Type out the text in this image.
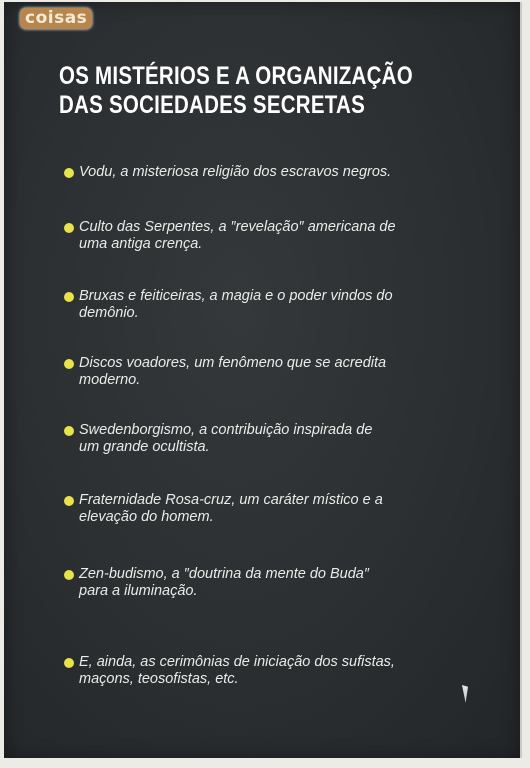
coisas
OS MISTÉRIOS E A ORGANIZAÇÃO
DAS SOCIEDADES SECRETAS
Vodu, a misteriosa religião dos escravos negros.
Culto das Serpentes, a ″revelação″ americana de
uma antiga crença.
Bruxas e feiticeiras, a magia e o poder vindos do
demônio.
Discos voadores, um fenômeno que se acredita
moderno.
Swedenborgismo, a contribuição inspirada de
um grande ocultista.
Fraternidade Rosa-cruz, um caráter místico e a
elevação do homem.
Zen-budismo, a ″doutrina da mente do Buda″
para a iluminação.
E, ainda, as cerimônias de iniciação dos sufistas,
maçons, teosofistas, etc.
